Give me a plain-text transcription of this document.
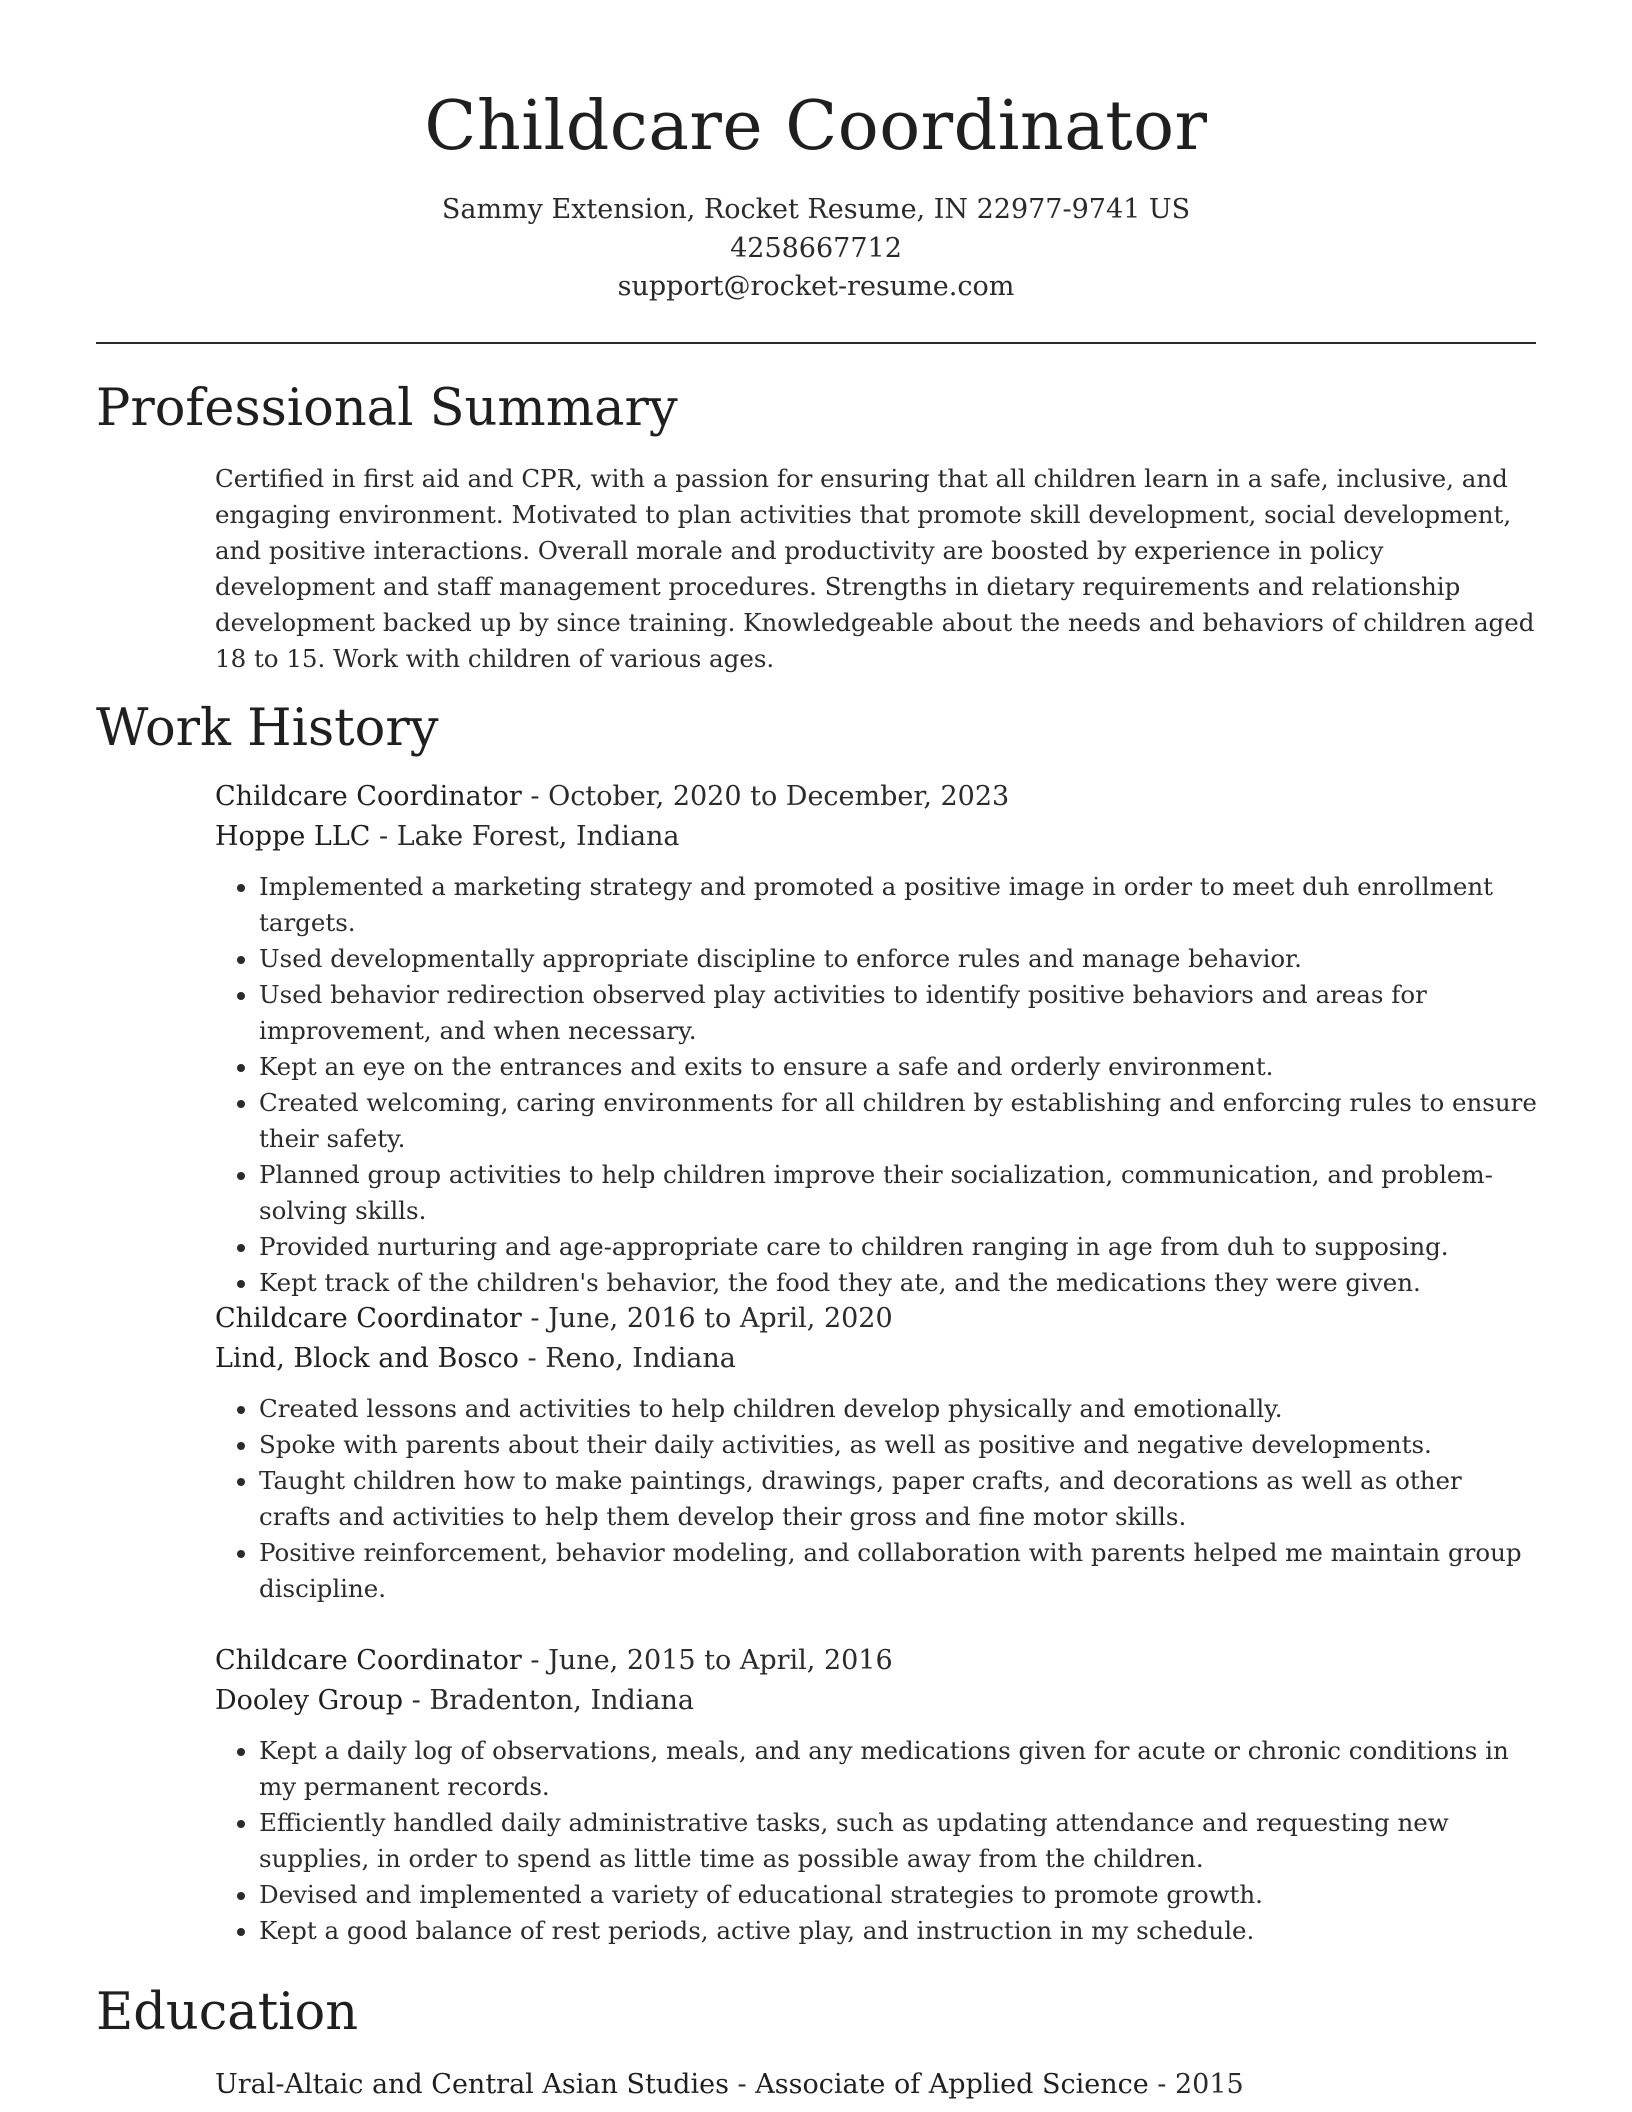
Childcare Coordinator
Sammy Extension, Rocket Resume, IN 22977-9741 US
4258667712
support@rocket-resume.com
Professional Summary

Certified in first aid and CPR, with a passion for ensuring that all children learn in a safe, inclusive, and engaging environment. Motivated to plan activities that promote skill development, social development, and positive interactions. Overall morale and productivity are boosted by experience in policy development and staff management procedures. Strengths in dietary requirements and relationship development backed up by since training. Knowledgeable about the needs and behaviors of children aged 18 to 15. Work with children of various ages.

Work History
Childcare Coordinator - October, 2020 to December, 2023
Hoppe LLC - Lake Forest, Indiana
• Implemented a marketing strategy and promoted a positive image in order to meet duh enrollment targets.
• Used developmentally appropriate discipline to enforce rules and manage behavior.
• Used behavior redirection observed play activities to identify positive behaviors and areas for improvement, and when necessary.
• Kept an eye on the entrances and exits to ensure a safe and orderly environment.
• Created welcoming, caring environments for all children by establishing and enforcing rules to ensure their safety.
• Planned group activities to help children improve their socialization, communication, and problem-solving skills.
• Provided nurturing and age-appropriate care to children ranging in age from duh to supposing.
• Kept track of the children's behavior, the food they ate, and the medications they were given.
Childcare Coordinator - June, 2016 to April, 2020
Lind, Block and Bosco - Reno, Indiana
• Created lessons and activities to help children develop physically and emotionally.
• Spoke with parents about their daily activities, as well as positive and negative developments.
• Taught children how to make paintings, drawings, paper crafts, and decorations as well as other crafts and activities to help them develop their gross and fine motor skills.
• Positive reinforcement, behavior modeling, and collaboration with parents helped me maintain group discipline.
Childcare Coordinator - June, 2015 to April, 2016
Dooley Group - Bradenton, Indiana
• Kept a daily log of observations, meals, and any medications given for acute or chronic conditions in my permanent records.
• Efficiently handled daily administrative tasks, such as updating attendance and requesting new supplies, in order to spend as little time as possible away from the children.
• Devised and implemented a variety of educational strategies to promote growth.
• Kept a good balance of rest periods, active play, and instruction in my schedule.
Education
Ural-Altaic and Central Asian Studies - Associate of Applied Science - 2015
